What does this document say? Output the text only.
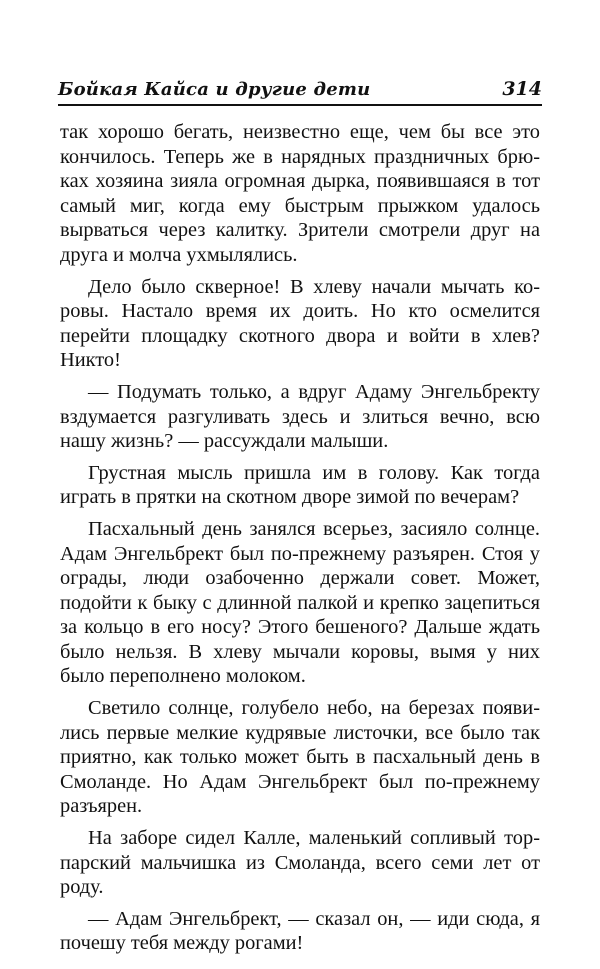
Бойкая Кайса и другие дети	314

так хорошо бегать, неизвестно еще, чем бы все это кончилось. Теперь же в нарядных праздничных брюках хозяина зияла огромная дырка, появившаяся в тот самый миг, когда ему быстрым прыжком удалось вырваться через калитку. Зрители смотрели друг на друга и молча ухмылялись.

Дело было скверное! В хлеву начали мычать коровы. Настало время их доить. Но кто осмелится перейти площадку скотного двора и войти в хлев? Никто!

— Подумать только, а вдруг Адаму Энгельбректу вздумается разгуливать здесь и злиться вечно, всю нашу жизнь? — рассуждали малыши.

Грустная мысль пришла им в голову. Как тогда играть в прятки на скотном дворе зимой по вечерам?

Пасхальный день занялся всерьез, засияло солнце. Адам Энгельбрект был по-прежнему разъярен. Стоя у ограды, люди озабоченно держали совет. Может, подойти к быку с длинной палкой и крепко зацепиться за кольцо в его носу? Этого бешеного? Дальше ждать было нельзя. В хлеву мычали коровы, вымя у них было переполнено молоком.

Светило солнце, голубело небо, на березах появились первые мелкие кудрявые листочки, все было так приятно, как только может быть в пасхальный день в Смоланде. Но Адам Энгельбрект был по-прежнему разъярен.

На заборе сидел Калле, маленький сопливый торпарский мальчишка из Смоланда, всего семи лет от роду.

— Адам Энгельбрект, — сказал он, — иди сюда, я почешу тебя между рогами!
